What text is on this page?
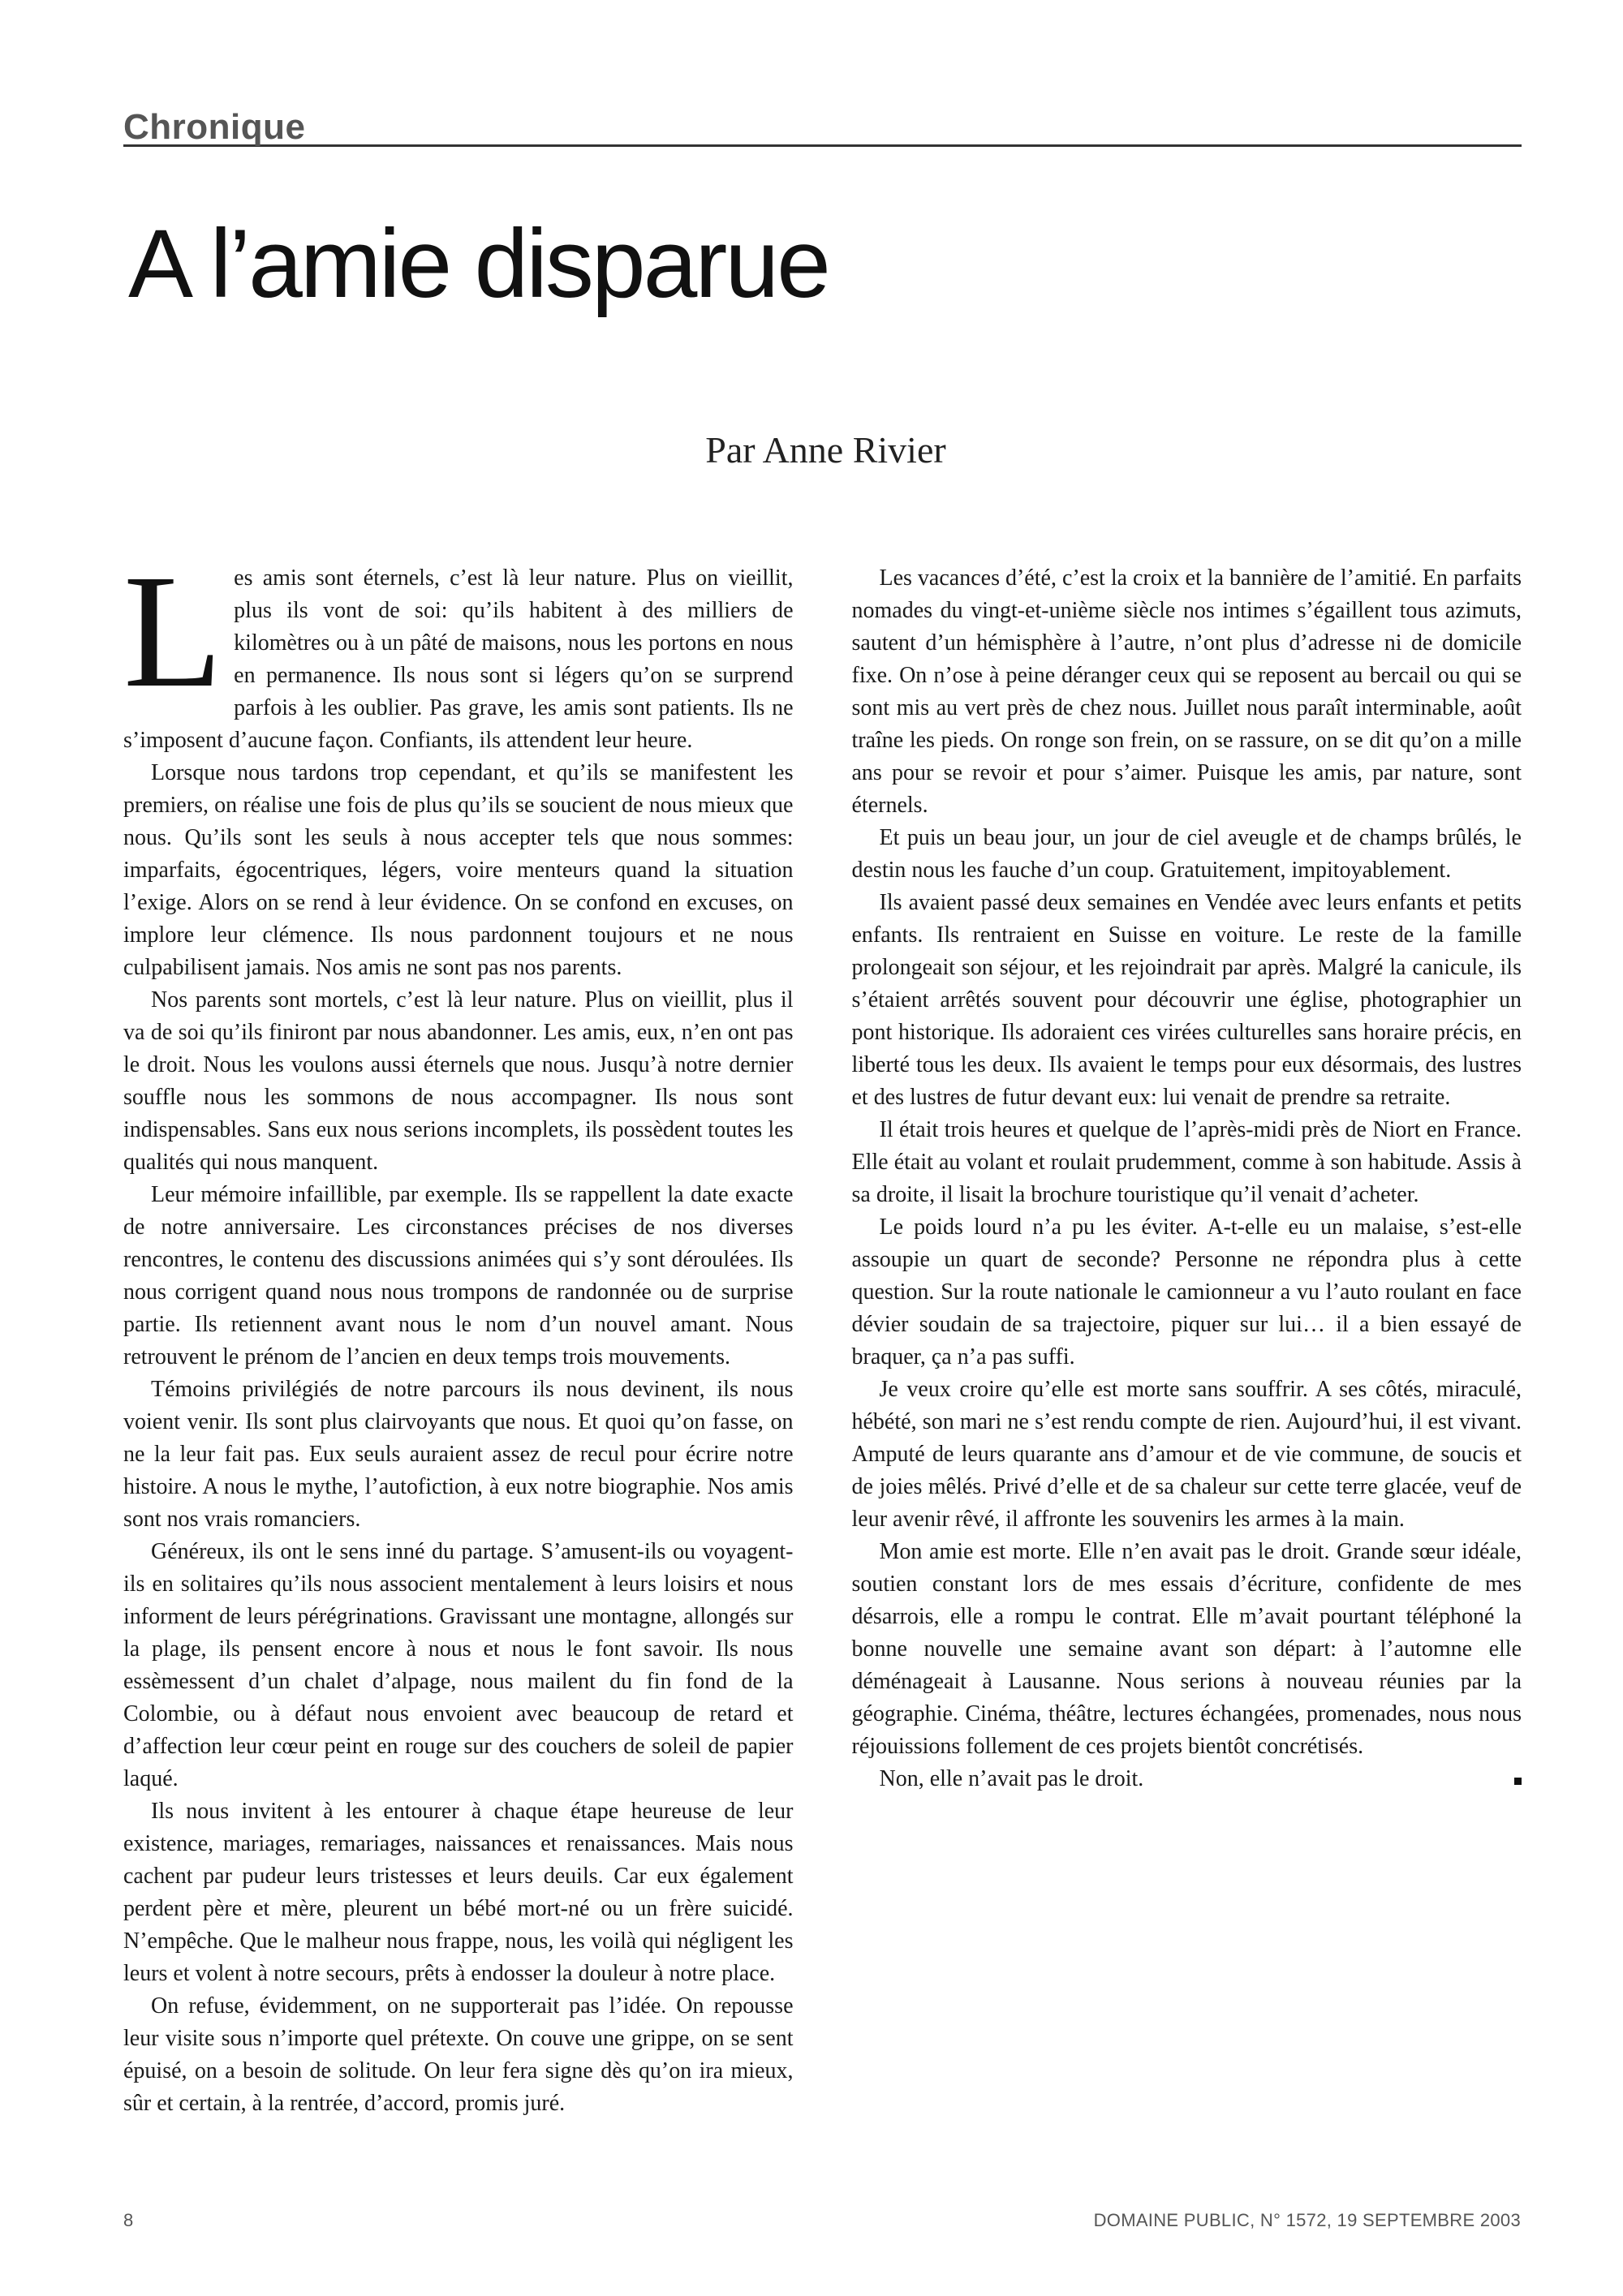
Chronique
A l’amie disparue
Par Anne Rivier

Les amis sont éternels, c’est là leur nature. Plus on vieillit, plus ils vont de soi: qu’ils habitent à des milliers de kilomètres ou à un pâté de maisons, nous les portons en nous en permanence. Ils nous sont si légers qu’on se surprend parfois à les oublier. Pas grave, les amis sont patients. Ils ne s’imposent d’aucune façon. Confiants, ils attendent leur heure.

Lorsque nous tardons trop cependant, et qu’ils se manifestent les premiers, on réalise une fois de plus qu’ils se soucient de nous mieux que nous. Qu’ils sont les seuls à nous accepter tels que nous sommes: imparfaits, égocentriques, légers, voire menteurs quand la situation l’exige. Alors on se rend à leur évidence. On se confond en excuses, on implore leur clémence. Ils nous pardonnent toujours et ne nous culpabilisent jamais. Nos amis ne sont pas nos parents.

Nos parents sont mortels, c’est là leur nature. Plus on vieillit, plus il va de soi qu’ils finiront par nous abandonner. Les amis, eux, n’en ont pas le droit. Nous les voulons aussi éternels que nous. Jusqu’à notre dernier souffle nous les sommons de nous accompagner. Ils nous sont indispensables. Sans eux nous serions incomplets, ils possèdent toutes les qualités qui nous manquent.

Leur mémoire infaillible, par exemple. Ils se rappellent la date exacte de notre anniversaire. Les circonstances précises de nos diverses rencontres, le contenu des discussions animées qui s’y sont déroulées. Ils nous corrigent quand nous nous trompons de randonnée ou de surprise partie. Ils retiennent avant nous le nom d’un nouvel amant. Nous retrouvent le prénom de l’ancien en deux temps trois mouvements.

Témoins privilégiés de notre parcours ils nous devinent, ils nous voient venir. Ils sont plus clairvoyants que nous. Et quoi qu’on fasse, on ne la leur fait pas. Eux seuls auraient assez de recul pour écrire notre histoire. A nous le mythe, l’autofiction, à eux notre biographie. Nos amis sont nos vrais romanciers.

Généreux, ils ont le sens inné du partage. S’amusent-ils ou voyagent-ils en solitaires qu’ils nous associent mentalement à leurs loisirs et nous informent de leurs pérégrinations. Gravissant une montagne, allongés sur la plage, ils pensent encore à nous et nous le font savoir. Ils nous essèmessent d’un chalet d’alpage, nous mailent du fin fond de la Colombie, ou à défaut nous envoient avec beaucoup de retard et d’affection leur cœur peint en rouge sur des couchers de soleil de papier laqué.

Ils nous invitent à les entourer à chaque étape heureuse de leur existence, mariages, remariages, naissances et renaissances. Mais nous cachent par pudeur leurs tristesses et leurs deuils. Car eux également perdent père et mère, pleurent un bébé mort-né ou un frère suicidé. N’empêche. Que le malheur nous frappe, nous, les voilà qui négligent les leurs et volent à notre secours, prêts à endosser la douleur à notre place.

On refuse, évidemment, on ne supporterait pas l’idée. On repousse leur visite sous n’importe quel prétexte. On couve une grippe, on se sent épuisé, on a besoin de solitude. On leur fera signe dès qu’on ira mieux, sûr et certain, à la rentrée, d’accord, promis juré.

Les vacances d’été, c’est la croix et la bannière de l’amitié. En parfaits nomades du vingt-et-unième siècle nos intimes s’égaillent tous azimuts, sautent d’un hémisphère à l’autre, n’ont plus d’adresse ni de domicile fixe. On n’ose à peine déranger ceux qui se reposent au bercail ou qui se sont mis au vert près de chez nous. Juillet nous paraît interminable, août traîne les pieds. On ronge son frein, on se rassure, on se dit qu’on a mille ans pour se revoir et pour s’aimer. Puisque les amis, par nature, sont éternels.

Et puis un beau jour, un jour de ciel aveugle et de champs brûlés, le destin nous les fauche d’un coup. Gratuitement, impitoyablement.

Ils avaient passé deux semaines en Vendée avec leurs enfants et petits enfants. Ils rentraient en Suisse en voiture. Le reste de la famille prolongeait son séjour, et les rejoindrait par après. Malgré la canicule, ils s’étaient arrêtés souvent pour découvrir une église, photographier un pont historique. Ils adoraient ces virées culturelles sans horaire précis, en liberté tous les deux. Ils avaient le temps pour eux désormais, des lustres et des lustres de futur devant eux: lui venait de prendre sa retraite.

Il était trois heures et quelque de l’après-midi près de Niort en France. Elle était au volant et roulait prudemment, comme à son habitude. Assis à sa droite, il lisait la brochure touristique qu’il venait d’acheter.

Le poids lourd n’a pu les éviter. A-t-elle eu un malaise, s’est-elle assoupie un quart de seconde? Personne ne répondra plus à cette question. Sur la route nationale le camionneur a vu l’auto roulant en face dévier soudain de sa trajectoire, piquer sur lui… il a bien essayé de braquer, ça n’a pas suffi.

Je veux croire qu’elle est morte sans souffrir. A ses côtés, miraculé, hébété, son mari ne s’est rendu compte de rien. Aujourd’hui, il est vivant. Amputé de leurs quarante ans d’amour et de vie commune, de soucis et de joies mêlés. Privé d’elle et de sa chaleur sur cette terre glacée, veuf de leur avenir rêvé, il affronte les souvenirs les armes à la main.

Mon amie est morte. Elle n’en avait pas le droit. Grande sœur idéale, soutien constant lors de mes essais d’écriture, confidente de mes désarrois, elle a rompu le contrat. Elle m’avait pourtant téléphoné la bonne nouvelle une semaine avant son départ: à l’automne elle déménageait à Lausanne. Nous serions à nouveau réunies par la géographie. Cinéma, théâtre, lectures échangées, promenades, nous nous réjouissions follement de ces projets bientôt concrétisés.

Non, elle n’avait pas le droit.

8	DOMAINE PUBLIC, N° 1572, 19 SEPTEMBRE 2003
